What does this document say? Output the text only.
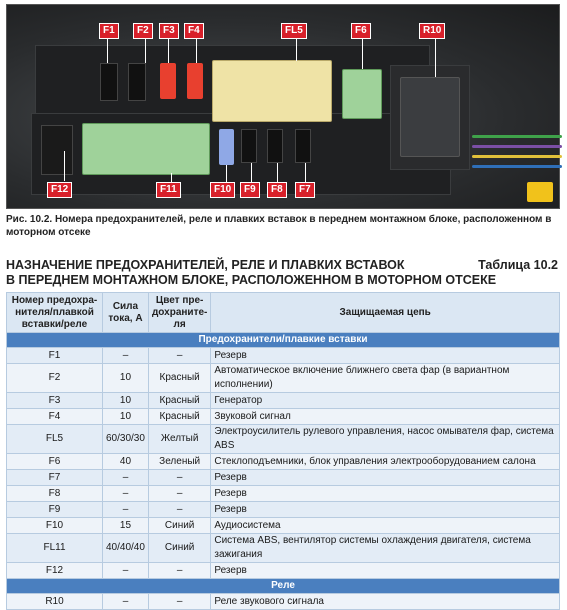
F1	F2	F3	F4	FL5	F6	R10
F12	F11	F10	F9	F8	F7
Рис. 10.2. Номера предохранителей, реле и плавких вставок в переднем монтажном блоке, расположенном в моторном отсеке
НАЗНАЧЕНИЕ ПРЕДОХРАНИТЕЛЕЙ, РЕЛЕ И ПЛАВКИХ ВСТАВОК
В ПЕРЕДНЕМ МОНТАЖНОМ БЛОКЕ, РАСПОЛОЖЕННОМ В МОТОРНОМ ОТСЕКЕ
Таблица 10.2
Номер предохра-нителя/плавкой вставки/реле	Сила тока, А	Цвет пре-дохраните-ля	Защищаемая цепь
Предохранители/плавкие вставки			
F1	–	–	Резерв
F2	10	Красный	Автоматическое включение ближнего света фар (в вариантном исполнении)
F3	10	Красный	Генератор
F4	10	Красный	Звуковой сигнал
FL5	60/30/30	Желтый	Электроусилитель рулевого управления, насос омывателя фар, система ABS
F6	40	Зеленый	Стеклоподъемники, блок управления электрооборудованием салона
F7	–	–	Резерв
F8	–	–	Резерв
F9	–	–	Резерв
F10	15	Синий	Аудиосистема
FL11	40/40/40	Синий	Система ABS, вентилятор системы охлаждения двигателя, система зажигания
F12	–	–	Резерв
Реле			
R10	–	–	Реле звукового сигнала
